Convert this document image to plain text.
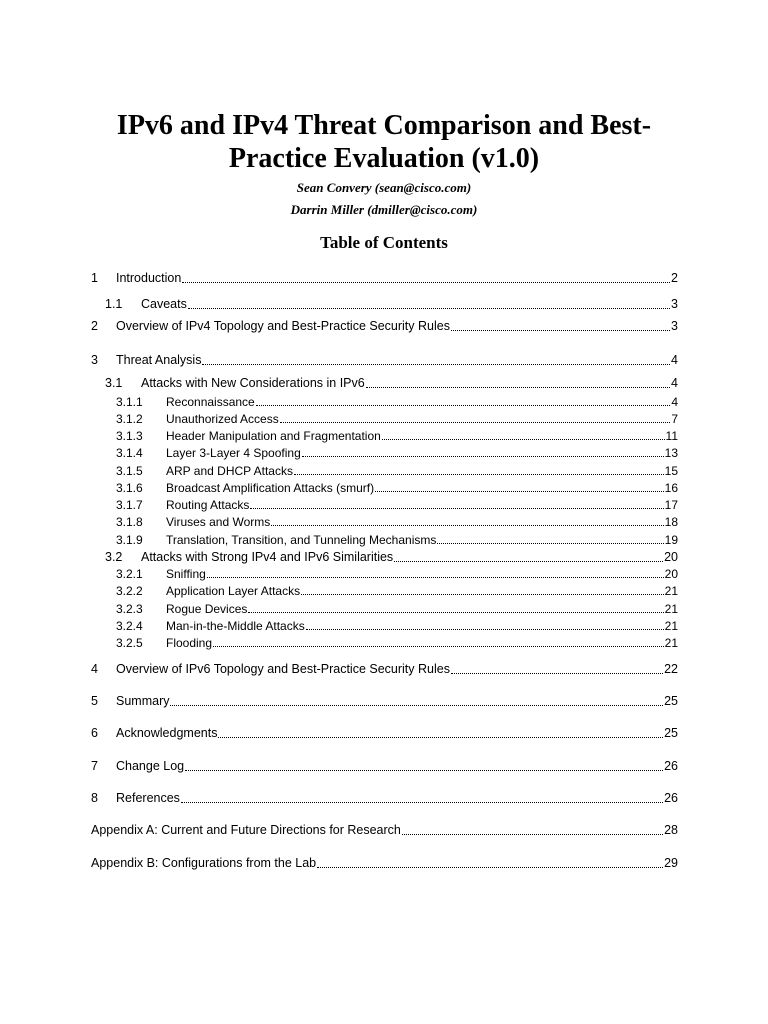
IPv6 and IPv4 Threat Comparison and Best-
Practice Evaluation (v1.0)
Sean Convery (sean@cisco.com)
Darrin Miller (dmiller@cisco.com)
Table of Contents
1	Introduction	2
1.1	Caveats	3
2	Overview of IPv4 Topology and Best-Practice Security Rules	3
3	Threat Analysis	4
3.1	Attacks with New Considerations in IPv6	4
3.1.1	Reconnaissance	4
3.1.2	Unauthorized Access	7
3.1.3	Header Manipulation and Fragmentation	11
3.1.4	Layer 3-Layer 4 Spoofing	13
3.1.5	ARP and DHCP Attacks	15
3.1.6	Broadcast Amplification Attacks (smurf)	16
3.1.7	Routing Attacks	17
3.1.8	Viruses and Worms	18
3.1.9	Translation, Transition, and Tunneling Mechanisms	19
3.2	Attacks with Strong IPv4 and IPv6 Similarities	20
3.2.1	Sniffing	20
3.2.2	Application Layer Attacks	21
3.2.3	Rogue Devices	21
3.2.4	Man-in-the-Middle Attacks	21
3.2.5	Flooding	21
4	Overview of IPv6 Topology and Best-Practice Security Rules	22
5	Summary	25
6	Acknowledgments	25
7	Change Log	26
8	References	26
Appendix A: Current and Future Directions for Research	28
Appendix B: Configurations from the Lab	29
